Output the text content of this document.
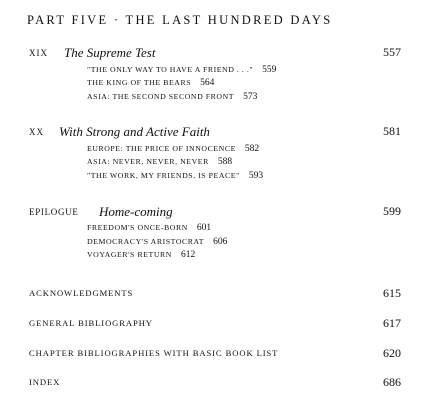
PART FIVE · THE LAST HUNDRED DAYS
XIX The Supreme Test	557
"THE ONLY WAY TO HAVE A FRIEND . . ." 559
THE KING OF THE BEARS 564
ASIA: THE SECOND SECOND FRONT 573
XX With Strong and Active Faith	581
EUROPE: THE PRICE OF INNOCENCE 582
ASIA: NEVER, NEVER, NEVER 588
"THE WORK, MY FRIENDS, IS PEACE" 593
EPILOGUE Home-coming	599
FREEDOM'S ONCE-BORN 601
DEMOCRACY'S ARISTOCRAT 606
VOYAGER'S RETURN 612
ACKNOWLEDGMENTS	615
GENERAL BIBLIOGRAPHY	617
CHAPTER BIBLIOGRAPHIES WITH BASIC BOOK LIST	620
INDEX	686
